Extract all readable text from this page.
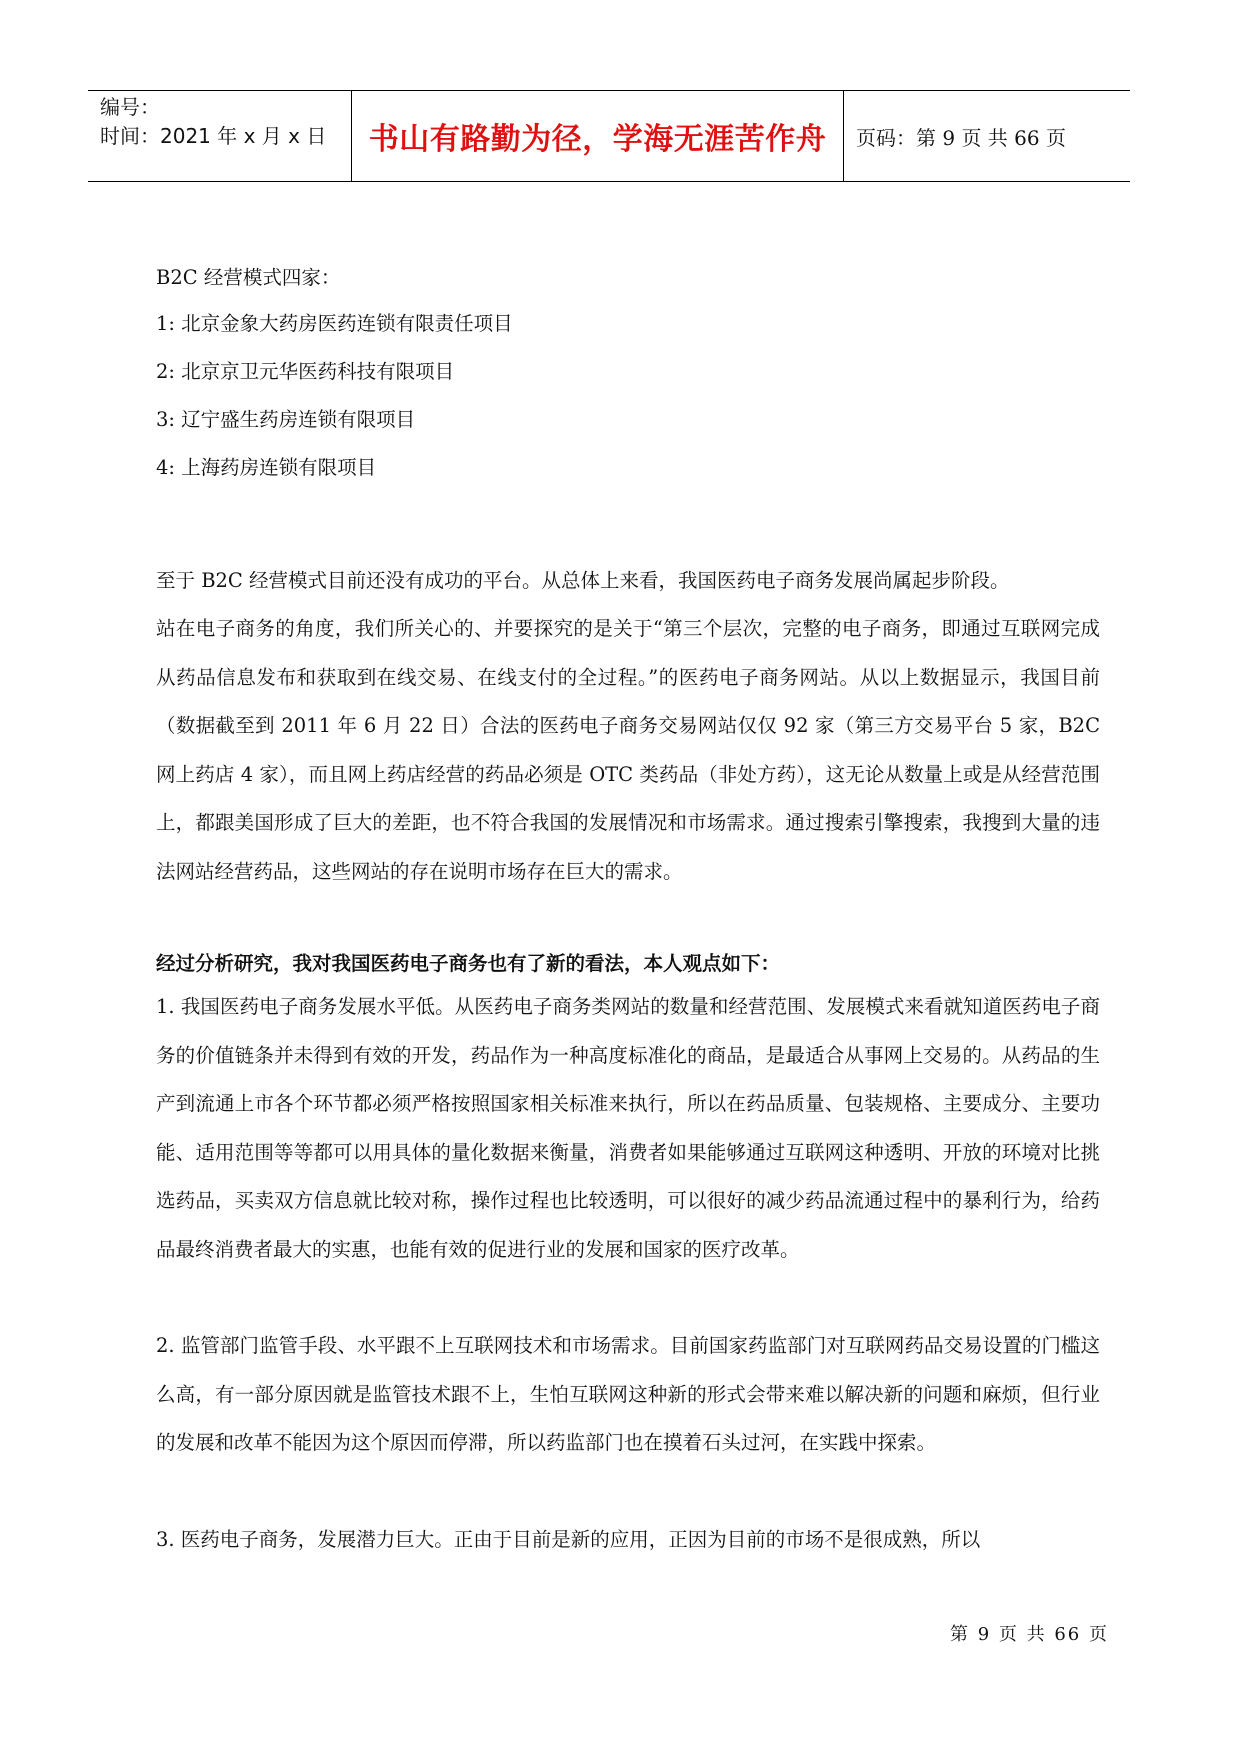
编号：
时间：2021 年 x 月 x 日	书山有路勤为径，学海无涯苦作舟	页码：第 9 页 共 66 页
B2C 经营模式四家：
1: 北京金象大药房医药连锁有限责任项目
2: 北京京卫元华医药科技有限项目
3: 辽宁盛生药房连锁有限项目
4: 上海药房连锁有限项目
至于 B2C 经营模式目前还没有成功的平台。从总体上来看，我国医药电子商务发展尚属起步阶段。
站在电子商务的角度，我们所关心的、并要探究的是关于“第三个层次，完整的电子商务，即通过互联网完成从药品信息发布和获取到在线交易、在线支付的全过程。”的医药电子商务网站。从以上数据显示，我国目前（数据截至到 2011 年 6 月 22 日）合法的医药电子商务交易网站仅仅 92 家（第三方交易平台 5 家，B2C 网上药店 4 家），而且网上药店经营的药品必须是 OTC 类药品（非处方药），这无论从数量上或是从经营范围上，都跟美国形成了巨大的差距，也不符合我国的发展情况和市场需求。通过搜索引擎搜索，我搜到大量的违法网站经营药品，这些网站的存在说明市场存在巨大的需求。
经过分析研究，我对我国医药电子商务也有了新的看法，本人观点如下：
1. 我国医药电子商务发展水平低。从医药电子商务类网站的数量和经营范围、发展模式来看就知道医药电子商务的价值链条并未得到有效的开发，药品作为一种高度标准化的商品，是最适合从事网上交易的。从药品的生产到流通上市各个环节都必须严格按照国家相关标准来执行，所以在药品质量、包装规格、主要成分、主要功能、适用范围等等都可以用具体的量化数据来衡量，消费者如果能够通过互联网这种透明、开放的环境对比挑选药品，买卖双方信息就比较对称，操作过程也比较透明，可以很好的减少药品流通过程中的暴利行为，给药品最终消费者最大的实惠，也能有效的促进行业的发展和国家的医疗改革。
2. 监管部门监管手段、水平跟不上互联网技术和市场需求。目前国家药监部门对互联网药品交易设置的门槛这么高，有一部分原因就是监管技术跟不上，生怕互联网这种新的形式会带来难以解决新的问题和麻烦，但行业的发展和改革不能因为这个原因而停滞，所以药监部门也在摸着石头过河，在实践中探索。
3. 医药电子商务，发展潜力巨大。正由于目前是新的应用，正因为目前的市场不是很成熟，所以
第 9 页 共 66 页
